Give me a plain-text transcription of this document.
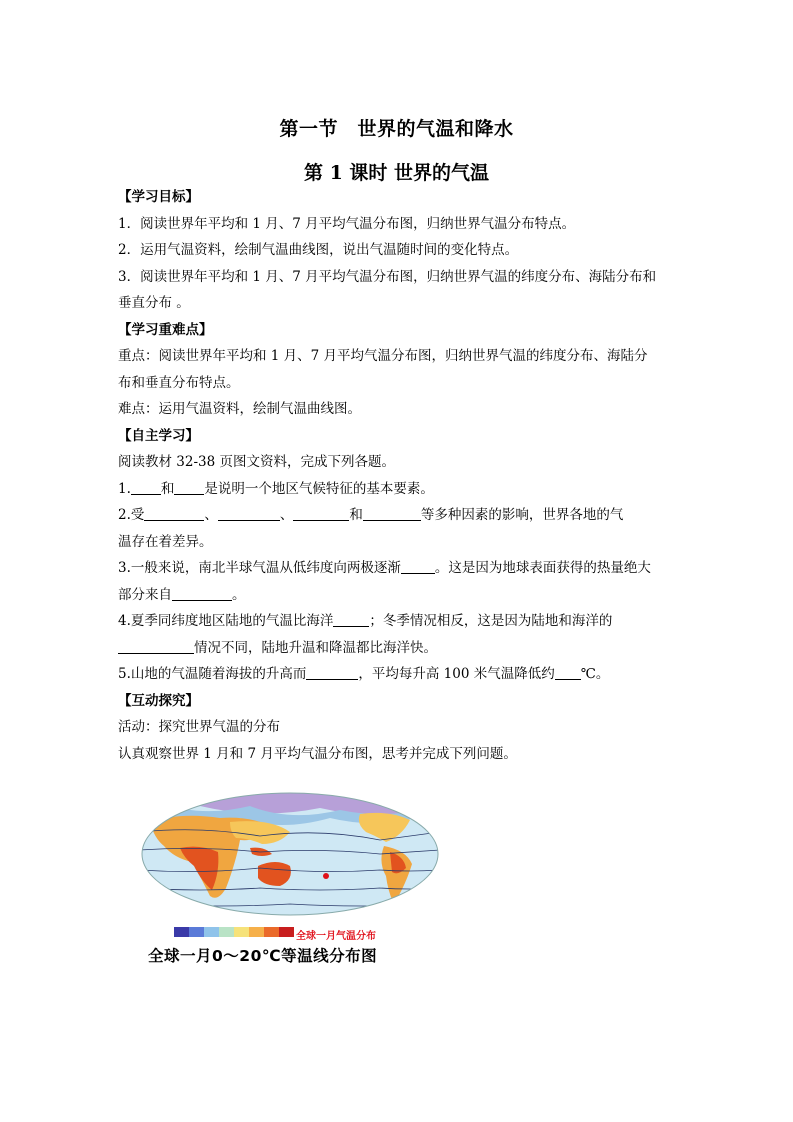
第一节　世界的气温和降水
第 1 课时 世界的气温
【学习目标】
1．阅读世界年平均和 1 月、7 月平均气温分布图，归纳世界气温分布特点。
2．运用气温资料，绘制气温曲线图，说出气温随时间的变化特点。
3．阅读世界年平均和 1 月、7 月平均气温分布图，归纳世界气温的纬度分布、海陆分布和
垂直分布 。
【学习重难点】
重点：阅读世界年平均和 1 月、7 月平均气温分布图，归纳世界气温的纬度分布、海陆分
布和垂直分布特点。
难点：运用气温资料，绘制气温曲线图。
【自主学习】
阅读教材 32-38 页图文资料，完成下列各题。
1. 和 是说明一个地区气候特征的基本要素。
2.受	、	、	和	等多种因素的影响，世界各地的气
温存在着差异。
3.一般来说，南北半球气温从低纬度向两极逐渐	。这是因为地球表面获得的热量绝大
部分来自	。
4.夏季同纬度地区陆地的气温比海洋	；冬季情况相反，这是因为陆地和海洋的
情况不同，陆地升温和降温都比海洋快。
5.山地的气温随着海拔的升高而	，平均每升高 100 米气温降低约 ℃。
【互动探究】
活动：探究世界气温的分布
认真观察世界 1 月和 7 月平均气温分布图，思考并完成下列问题。
全球一月气温分布
全球一月0～20℃等温线分布图
